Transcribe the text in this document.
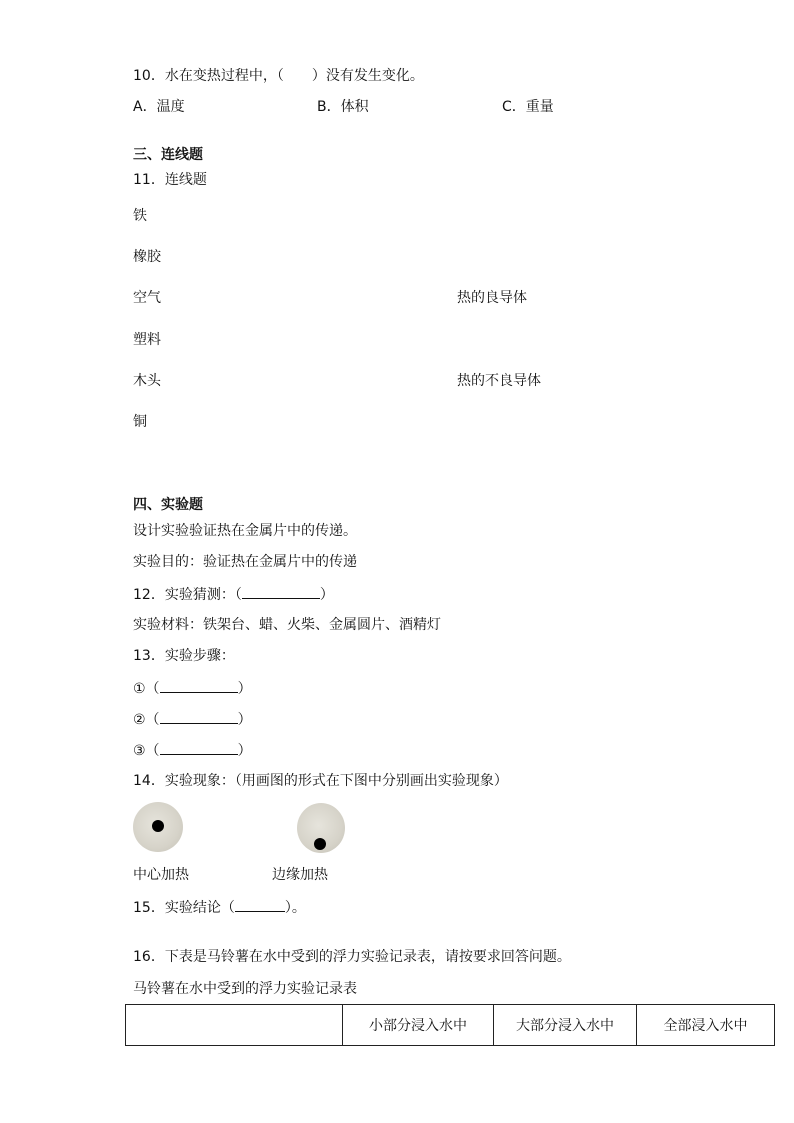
10．水在变热过程中，（　　）没有发生变化。
A．温度	B．体积	C．重量
三、连线题
11．连线题
铁
橡胶
空气
塑料
木头
铜
热的良导体
热的不良导体
四、实验题
设计实验验证热在金属片中的传递。
实验目的：验证热在金属片中的传递
12．实验猜测：（	）
实验材料：铁架台、蜡、火柴、金属圆片、酒精灯
13．实验步骤：
①（	）
②（	）
③（	）
14．实验现象：（用画图的形式在下图中分别画出实验现象）
中心加热	边缘加热
15．实验结论（	）。
16．下表是马铃薯在水中受到的浮力实验记录表，请按要求回答问题。
马铃薯在水中受到的浮力实验记录表
	小部分浸入水中	大部分浸入水中	全部浸入水中
